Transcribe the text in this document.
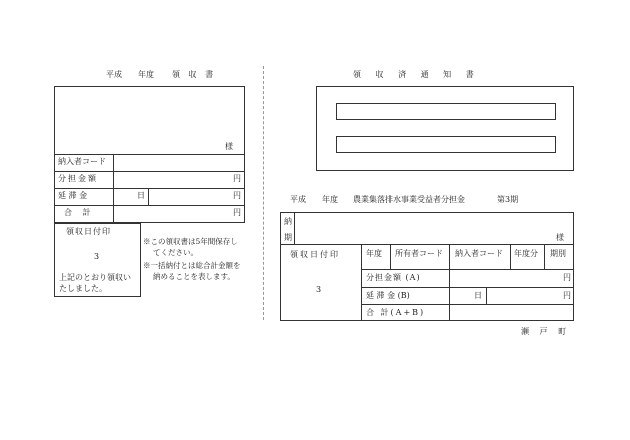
平成 年度 領 収 書
様
納入者コード
分担金額	円
延 滞 金	日	円
合 計	円
領収日付印
3
上記のとおり領収い
たしました。
※この領収書は5年間保存し
てください。
※一括納付とは総合計金額を
納めることを表します。
領 収 済 通 知 書
平成 年度 農業集落排水事業受益者分担金	第3期
納
期	様
領収日付印
3
年度 所有者コード 納入者コード 年度分 期別
分担金額 (A)	円
延 滞 金 (B)	日	円
合 計(A+B)
瀬 戸 町
